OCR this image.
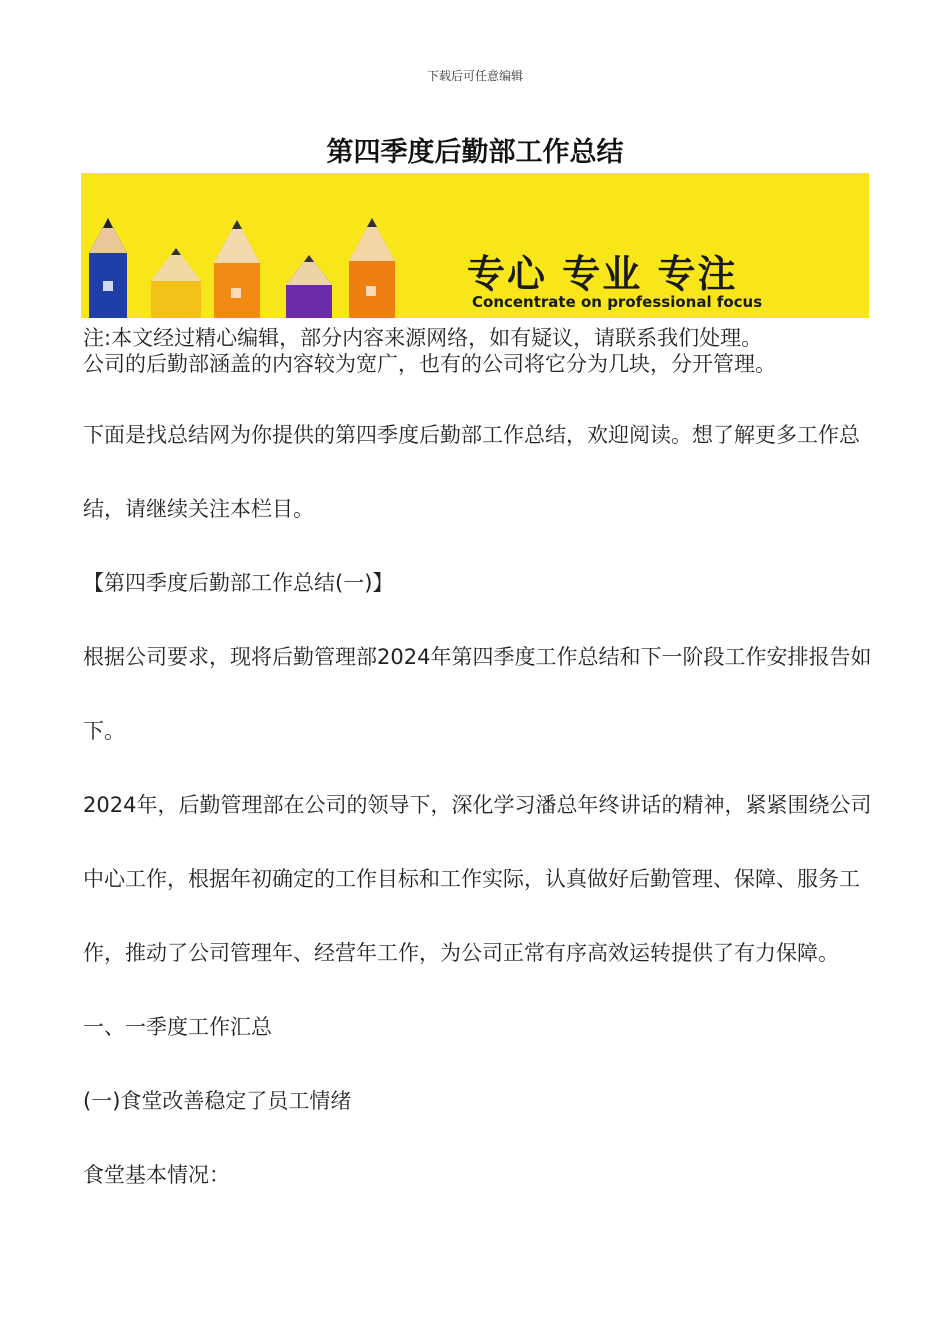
下载后可任意编辑
第四季度后勤部工作总结
专心 专业 专注
Concentrate on professional focus
注:本文经过精心编辑，部分内容来源网络，如有疑议，请联系我们处理。
公司的后勤部涵盖的内容较为宽广，也有的公司将它分为几块，分开管理。
下面是找总结网为你提供的第四季度后勤部工作总结，欢迎阅读。想了解更多工作总结，请继续关注本栏目。
【第四季度后勤部工作总结(一)】
根据公司要求，现将后勤管理部2024年第四季度工作总结和下一阶段工作安排报告如下。
2024年，后勤管理部在公司的领导下，深化学习潘总年终讲话的精神，紧紧围绕公司中心工作，根据年初确定的工作目标和工作实际，认真做好后勤管理、保障、服务工作，推动了公司管理年、经营年工作，为公司正常有序高效运转提供了有力保障。一、一季度工作汇总
(一)食堂改善稳定了员工情绪
食堂基本情况：
